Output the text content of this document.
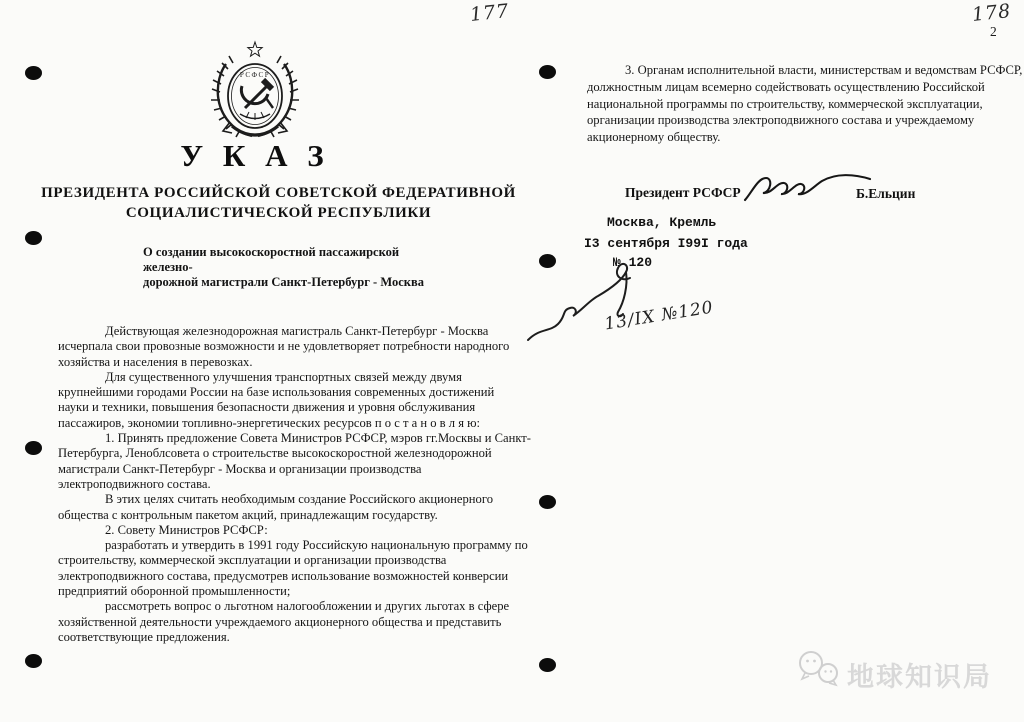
177	178
2
РСФСР
У К А З
ПРЕЗИДЕНТА РОССИЙСКОЙ СОВЕТСКОЙ ФЕДЕРАТИВНОЙ
СОЦИАЛИСТИЧЕСКОЙ РЕСПУБЛИКИ
О создании высокоскоростной пассажирской железно-
дорожной магистрали Санкт-Петербург - Москва
Действующая железнодорожная магистраль Санкт-Петербург - Москва
исчерпала свои провозные возможности и не удовлетворяет потребности народного
хозяйства и населения в перевозках.
Для существенного улучшения транспортных связей между двумя
крупнейшими городами России на базе использования современных достижений
науки и техники, повышения безопасности движения и уровня обслуживания
пассажиров, экономии топливно-энергетических ресурсов п о с т а н о в л я ю:
1. Принять предложение Совета Министров РСФСР, мэров гг.Москвы и Санкт-
Петербурга, Леноблсовета о строительстве высокоскоростной железнодорожной
магистрали Санкт-Петербург - Москва и организации производства
электроподвижного состава.
В этих целях считать необходимым создание Российского акционерного
общества с контрольным пакетом акций, принадлежащим государству.
2. Совету Министров РСФСР:
разработать и утвердить в 1991 году Российскую национальную программу по
строительству, коммерческой эксплуатации и организации производства
электроподвижного состава, предусмотрев использование возможностей конверсии
предприятий оборонной промышленности;
рассмотреть вопрос о льготном налогообложении и других льготах в сфере
хозяйственной деятельности учреждаемого акционерного общества и представить
соответствующие предложения.
3. Органам исполнительной власти, министерствам и ведомствам РСФСР,
должностным лицам всемерно содействовать осуществлению Российской
национальной программы по строительству, коммерческой эксплуатации,
организации производства электроподвижного состава и учреждаемому
акционерному обществу.
Президент РСФСР	Б.Ельцин
Москва, Кремль
I3 сентября I99I года
№ 120
13/IX №120
地球知识局
